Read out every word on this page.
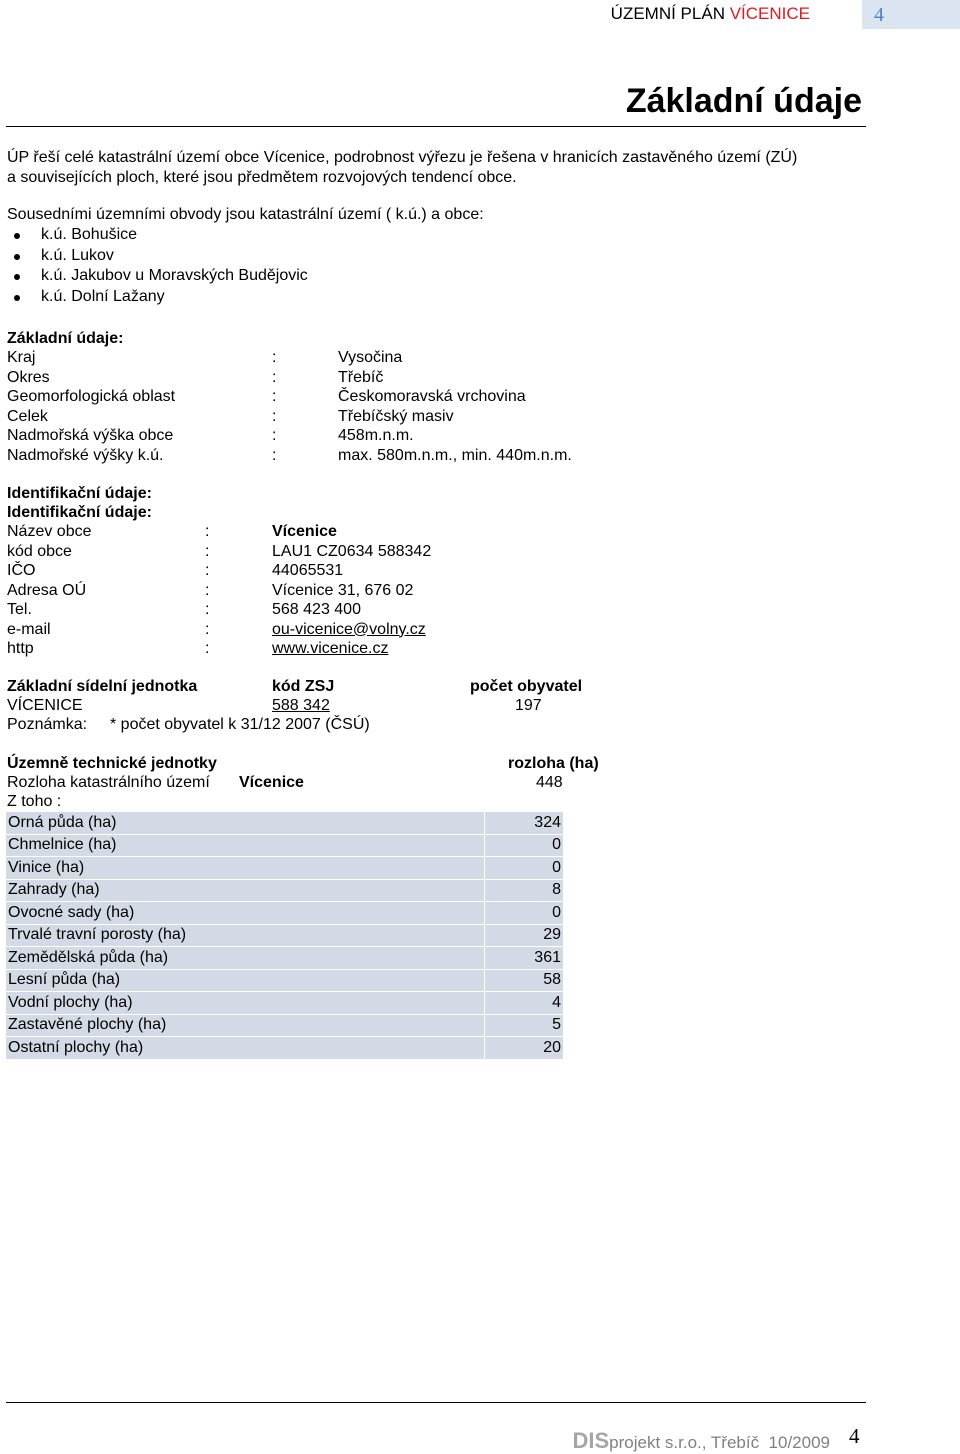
ÚZEMNÍ PLÁN VÍCENICE	4
Základní údaje
ÚP řeší celé katastrální území obce Vícenice, podrobnost výřezu je řešena v hranicích zastavěného území (ZÚ)
a souvisejících ploch, které jsou předmětem rozvojových tendencí obce.
Sousedními územními obvody jsou katastrální území ( k.ú.) a obce:
k.ú. Bohušice
k.ú. Lukov
k.ú. Jakubov u Moravských Budějovic
k.ú. Dolní Lažany
Základní údaje:
Kraj	:	Vysočina
Okres	:	Třebíč
Geomorfologická oblast	:	Českomoravská vrchovina
Celek	:	Třebíčský masiv
Nadmořská výška obce	:	458m.n.m.
Nadmořské výšky k.ú.	:	max. 580m.n.m., min. 440m.n.m.
Identifikační údaje:
Identifikační údaje:
Název obce	:	Vícenice
kód obce	:	LAU1 CZ0634 588342
IČO	:	44065531
Adresa OÚ	:	Vícenice 31, 676 02
Tel.	:	568 423 400
e-mail	:	ou-vicenice@volny.cz
http	:	www.vicenice.cz
Základní sídelní jednotka	kód ZSJ	počet obyvatel
VÍCENICE	588 342	197
Poznámka: * počet obyvatel k 31/12 2007 (ČSÚ)
Územně technické jednotky	rozloha (ha)
Rozloha katastrálního území Vícenice	448
Z toho :
Orná půda (ha)	324
Chmelnice (ha)	0
Vinice (ha)	0
Zahrady (ha)	8
Ovocné sady (ha)	0
Trvalé travní porosty (ha)	29
Zemědělská půda (ha)	361
Lesní půda (ha)	58
Vodní plochy (ha)	4
Zastavěné plochy (ha)	5
Ostatní plochy (ha)	20
DISprojekt s.r.o., Třebíč 10/2009 4
